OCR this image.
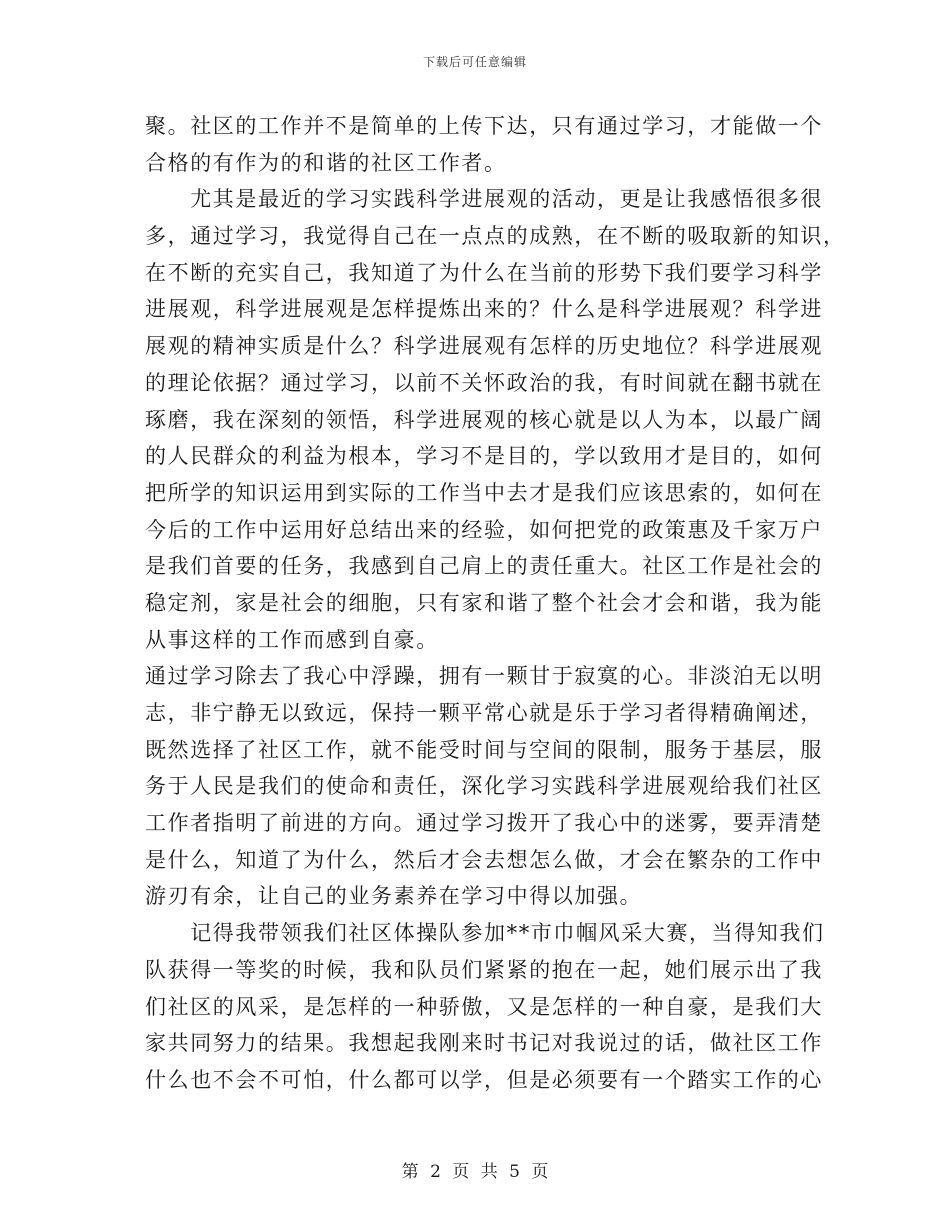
下载后可任意编辑
聚。社区的工作并不是简单的上传下达，只有通过学习，才能做一个
合格的有作为的和谐的社区工作者。
　　尤其是最近的学习实践科学进展观的活动，更是让我感悟很多很
多，通过学习，我觉得自己在一点点的成熟，在不断的吸取新的知识，
在不断的充实自己，我知道了为什么在当前的形势下我们要学习科学
进展观，科学进展观是怎样提炼出来的？什么是科学进展观？科学进
展观的精神实质是什么？科学进展观有怎样的历史地位？科学进展观
的理论依据？通过学习，以前不关怀政治的我，有时间就在翻书就在
琢磨，我在深刻的领悟，科学进展观的核心就是以人为本，以最广阔
的人民群众的利益为根本，学习不是目的，学以致用才是目的，如何
把所学的知识运用到实际的工作当中去才是我们应该思索的，如何在
今后的工作中运用好总结出来的经验，如何把党的政策惠及千家万户
是我们首要的任务，我感到自己肩上的责任重大。社区工作是社会的
稳定剂，家是社会的细胞，只有家和谐了整个社会才会和谐，我为能
从事这样的工作而感到自豪。
通过学习除去了我心中浮躁，拥有一颗甘于寂寞的心。非淡泊无以明
志，非宁静无以致远，保持一颗平常心就是乐于学习者得精确阐述，
既然选择了社区工作，就不能受时间与空间的限制，服务于基层，服
务于人民是我们的使命和责任，深化学习实践科学进展观给我们社区
工作者指明了前进的方向。通过学习拨开了我心中的迷雾，要弄清楚
是什么，知道了为什么，然后才会去想怎么做，才会在繁杂的工作中
游刃有余，让自己的业务素养在学习中得以加强。
　　记得我带领我们社区体操队参加**市巾帼风采大赛，当得知我们
队获得一等奖的时候，我和队员们紧紧的抱在一起，她们展示出了我
们社区的风采，是怎样的一种骄傲，又是怎样的一种自豪，是我们大
家共同努力的结果。我想起我刚来时书记对我说过的话，做社区工作
什么也不会不可怕，什么都可以学，但是必须要有一个踏实工作的心
第 2 页 共 5 页
